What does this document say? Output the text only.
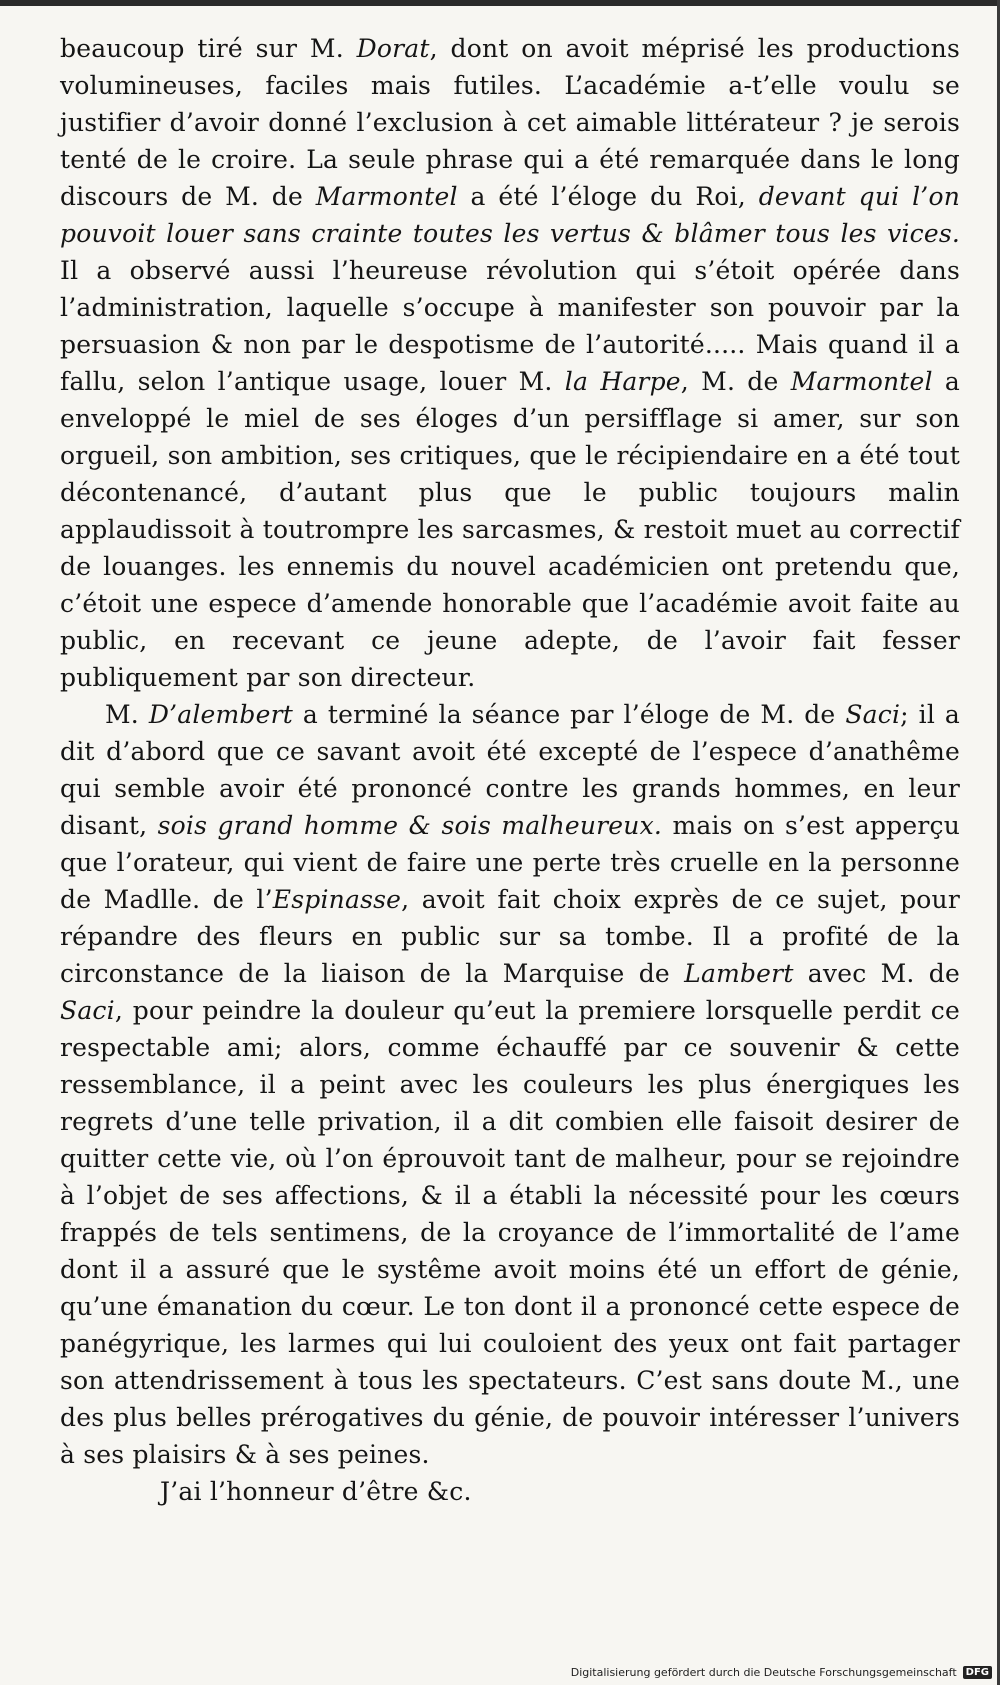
beaucoup tiré sur M. Dorat, dont on avoit méprisé les productions volumineuses, faciles mais futiles. L’académie a-t’elle voulu se justifier d’avoir donné l’exclusion à cet aimable littérateur ? je serois tenté de le croire. La seule phrase qui a été remarquée dans le long discours de M. de Marmontel a été l’éloge du Roi, devant qui l’on pouvoit louer sans crainte toutes les vertus & blâmer tous les vices. Il a observé aussi l’heureuse révolution qui s’étoit opérée dans l’administration, laquelle s’occupe à manifester son pouvoir par la persuasion & non par le despotisme de l’autorité..... Mais quand il a fallu, selon l’antique usage, louer M. la Harpe, M. de Marmontel a enveloppé le miel de ses éloges d’un persifflage si amer, sur son orgueil, son ambition, ses critiques, que le récipiendaire en a été tout décontenancé, d’autant plus que le public toujours malin applaudissoit à toutrompre les sarcasmes, & restoit muet au correctif de louanges. les ennemis du nouvel académicien ont pretendu que, c’étoit une espece d’amende honorable que l’académie avoit faite au public, en recevant ce jeune adepte, de l’avoir fait fesser publiquement par son directeur.

M. D’alembert a terminé la séance par l’éloge de M. de Saci; il a dit d’abord que ce savant avoit été excepté de l’espece d’anathême qui semble avoir été prononcé contre les grands hommes, en leur disant, sois grand homme & sois malheureux. mais on s’est apperçu que l’orateur, qui vient de faire une perte très cruelle en la personne de Madlle. de l’Espinasse, avoit fait choix exprès de ce sujet, pour répandre des fleurs en public sur sa tombe. Il a profité de la circonstance de la liaison de la Marquise de Lambert avec M. de Saci, pour peindre la douleur qu’eut la premiere lorsquelle perdit ce respectable ami; alors, comme échauffé par ce souvenir & cette ressemblance, il a peint avec les couleurs les plus énergiques les regrets d’une telle privation, il a dit combien elle faisoit desirer de quitter cette vie, où l’on éprouvoit tant de malheur, pour se rejoindre à l’objet de ses affections, & il a établi la nécessité pour les cœurs frappés de tels sentimens, de la croyance de l’immortalité de l’ame dont il a assuré que le systême avoit moins été un effort de génie, qu’une émanation du cœur. Le ton dont il a prononcé cette espece de panégyrique, les larmes qui lui couloient des yeux ont fait partager son attendrissement à tous les spectateurs. C’est sans doute M., une des plus belles prérogatives du génie, de pouvoir intéresser l’univers à ses plaisirs & à ses peines.

J’ai l’honneur d’être &c.

Digitalisierung gefördert durch die Deutsche Forschungsgemeinschaft DFG
